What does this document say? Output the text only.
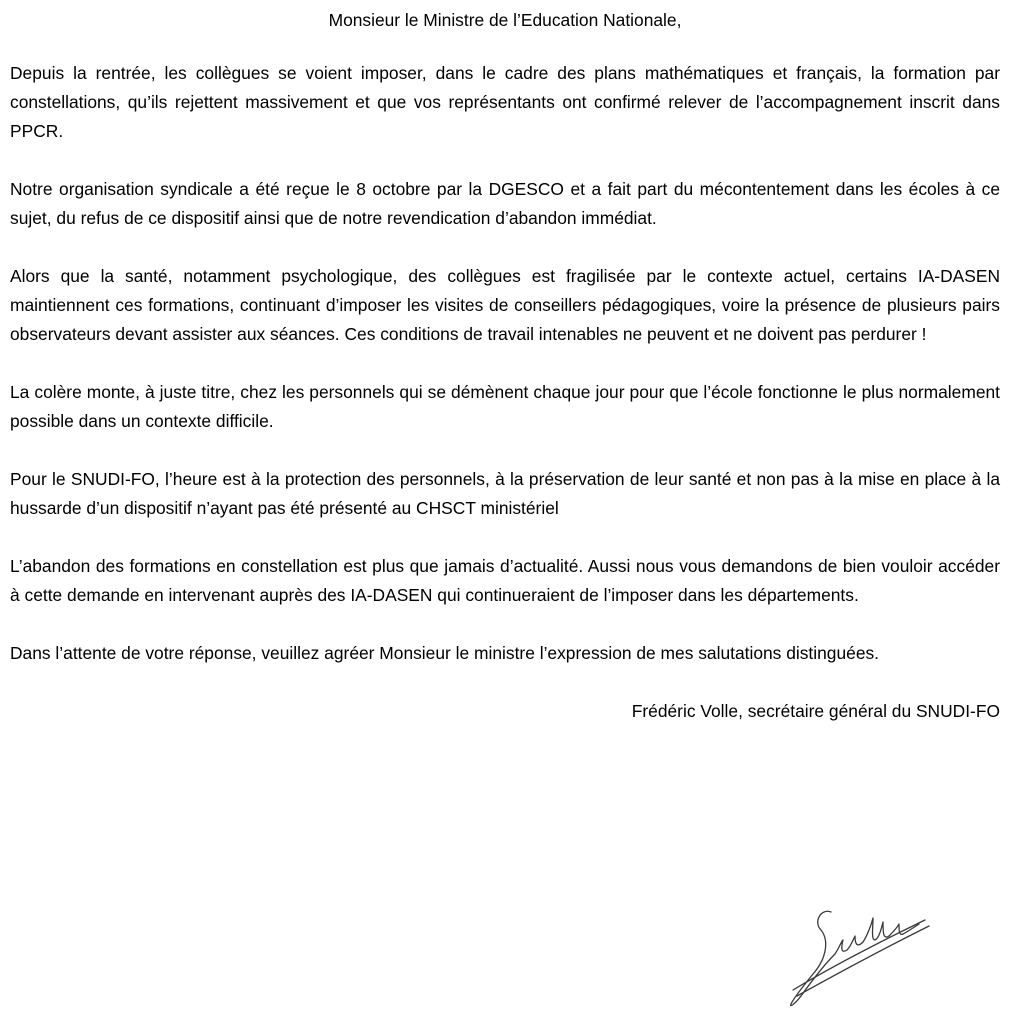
Monsieur le Ministre de l’Education Nationale,

Depuis la rentrée, les collègues se voient imposer, dans le cadre des plans mathématiques et français, la formation par constellations, qu’ils rejettent massivement et que vos représentants ont confirmé relever de l’accompagnement inscrit dans PPCR.

Notre organisation syndicale a été reçue le 8 octobre par la DGESCO et a fait part du mécontentement dans les écoles à ce sujet, du refus de ce dispositif ainsi que de notre revendication d’abandon immédiat.

Alors que la santé, notamment psychologique, des collègues est fragilisée par le contexte actuel, certains IA-DASEN maintiennent ces formations, continuant d’imposer les visites de conseillers pédagogiques, voire la présence de plusieurs pairs observateurs devant assister aux séances. Ces conditions de travail intenables ne peuvent et ne doivent pas perdurer !

La colère monte, à juste titre, chez les personnels qui se démènent chaque jour pour que l’école fonctionne le plus normalement possible dans un contexte difficile.

Pour le SNUDI-FO, l’heure est à la protection des personnels, à la préservation de leur santé et non pas à la mise en place à la hussarde d’un dispositif n’ayant pas été présenté au CHSCT ministériel

L’abandon des formations en constellation est plus que jamais d’actualité. Aussi nous vous demandons de bien vouloir accéder à cette demande en intervenant auprès des IA-DASEN qui continueraient de l’imposer dans les départements.

Dans l’attente de votre réponse, veuillez agréer Monsieur le ministre l’expression de mes salutations distinguées.

Frédéric Volle, secrétaire général du SNUDI-FO
